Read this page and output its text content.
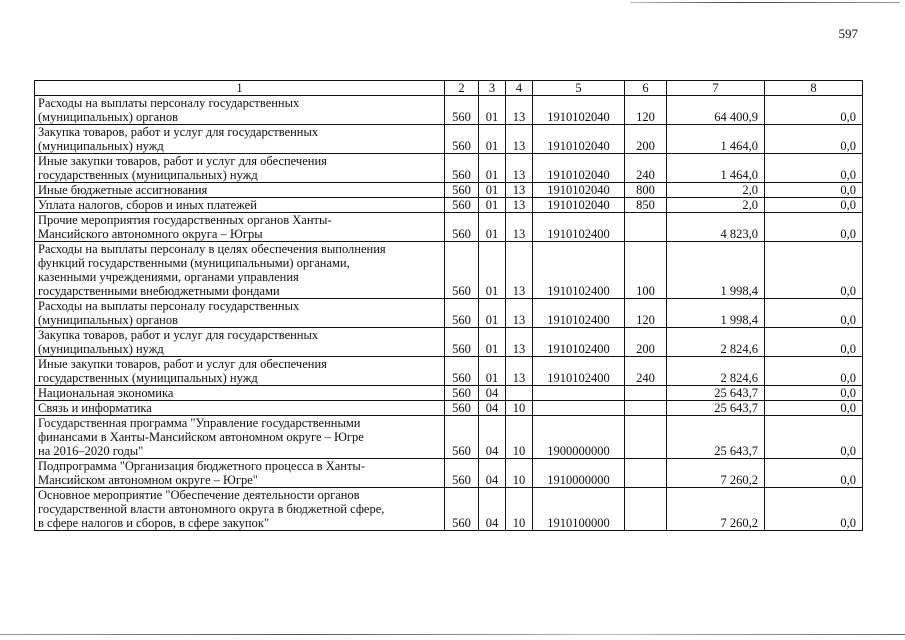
597
1	2	3	4	5	6	7	8

Расходы на выплаты персоналу государственных
(муниципальных) органов	560	01	13	1910102040	120	64 400,9	0,0

Закупка товаров, работ и услуг для государственных
(муниципальных) нужд	560	01	13	1910102040	200	1 464,0	0,0

Иные закупки товаров, работ и услуг для обеспечения
государственных (муниципальных) нужд	560	01	13	1910102040	240	1 464,0	0,0

Иные бюджетные ассигнования	560	01	13	1910102040	800	2,0	0,0

Уплата налогов, сборов и иных платежей	560	01	13	1910102040	850	2,0	0,0

Прочие мероприятия государственных органов Ханты-
Мансийского автономного округа – Югры	560	01	13	1910102400		4 823,0	0,0

Расходы на выплаты персоналу в целях обеспечения выполнения
функций государственными (муниципальными) органами,
казенными учреждениями, органами управления
государственными внебюджетными фондами	560	01	13	1910102400	100	1 998,4	0,0

Расходы на выплаты персоналу государственных
(муниципальных) органов	560	01	13	1910102400	120	1 998,4	0,0

Закупка товаров, работ и услуг для государственных
(муниципальных) нужд	560	01	13	1910102400	200	2 824,6	0,0

Иные закупки товаров, работ и услуг для обеспечения
государственных (муниципальных) нужд	560	01	13	1910102400	240	2 824,6	0,0

Национальная экономика	560	04				25 643,7	0,0

Связь и информатика	560	04	10			25 643,7	0,0

Государственная программа "Управление государственными
финансами в Ханты-Мансийском автономном округе – Югре
на 2016–2020 годы"	560	04	10	1900000000		25 643,7	0,0

Подпрограмма "Организация бюджетного процесса в Ханты-
Мансийском автономном округе – Югре"	560	04	10	1910000000		7 260,2	0,0

Основное мероприятие "Обеспечение деятельности органов
государственной власти автономного округа в бюджетной сфере,
в сфере налогов и сборов, в сфере закупок"	560	04	10	1910100000		7 260,2	0,0
